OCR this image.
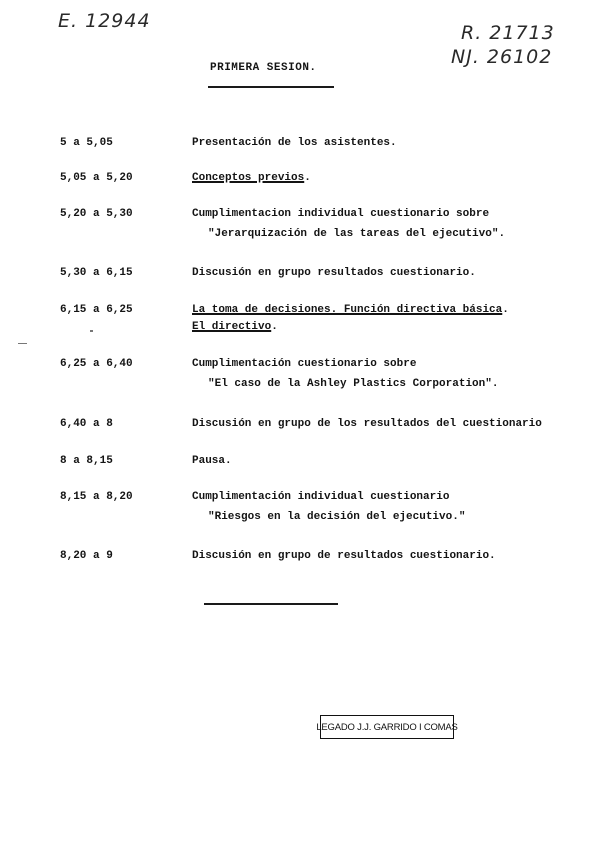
E. 12944
R. 21713
NJ. 26102
PRIMERA SESION.
5 a 5,05	Presentación de los asistentes.
5,05 a 5,20	Conceptos previos.
5,20 a 5,30	Cumplimentacion individual cuestionario sobre
"Jerarquización de las tareas del ejecutivo".
5,30 a 6,15	Discusión en grupo resultados cuestionario.
6,15 a 6,25	La toma de decisiones. Función directiva básica.
El directivo.
6,25 a 6,40	Cumplimentación cuestionario sobre
"El caso de la Ashley Plastics Corporation".
6,40 a 8	Discusión en grupo de los resultados del cuestionario
8 a 8,15	Pausa.
8,15 a 8,20	Cumplimentación individual cuestionario
"Riesgos en la decisión del ejecutivo."
8,20 a 9	Discusión en grupo de resultados cuestionario.
LEGADO J.J. GARRIDO I COMAS
